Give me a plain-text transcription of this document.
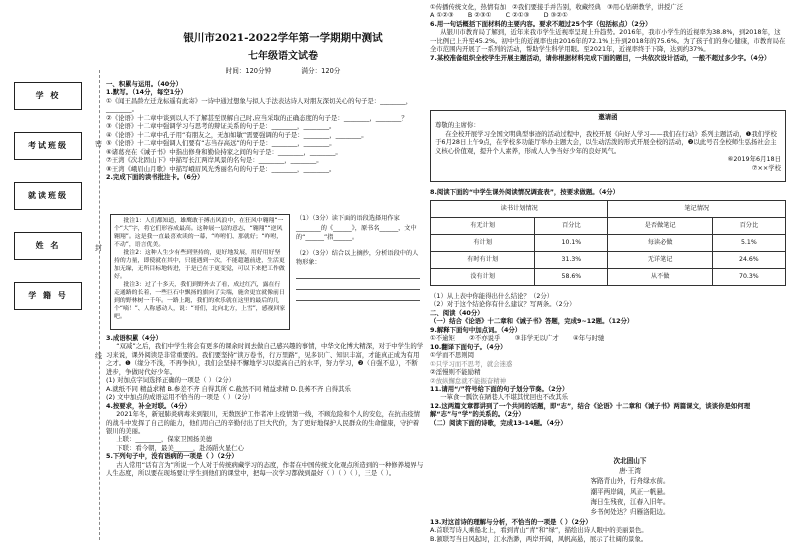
学 校
考试班级
就读班级
姓 名
学 籍 号
密
封
线
银川市2021-2022学年第一学期期中测试
七年级语文试卷
时间：120分钟	满分：120分

一、积累与运用。（40分）

1.默写。（14分，每空1分）

①《闻王昌龄左迁龙标遥有此寄》一诗中通过想象与拟人手法表达诗人对朋友深切关心的句子是：________，________。

②《论语》十二章中谈到以人不了解甚至误解自己时,应当采取的正确态度的句子是：________，________？

③《论语》十二章中强调学习与思考的辩证关系的句子是：________，________。

④《论语》十二章中孔子用“有朋友之，无加如敏”需要强调的句子是：________，________。

⑤《论语》十二章中强调人们要有“志当存高远”的句子是：________，________。

⑥诸葛亮在《诫子书》中指出修身和勤俭持家之间的句子是：________，________。

⑦王湾《次北固山下》中描写长江两岸风景的名句是：________，________。

⑧王湾《峨眉山月歌》中描写峨眉风光秀丽名句的句子是：________，________。

2.完成下面的读书批注卡。（6分）

批注1：人们都知道，雄鹰敢于搏击风浪中，在狂风中翱翔“一个“大”字，将它们形容成最高。这种展一层的意志，“翱翔”“逆风翱翔”。这是我一直最喜欢读的一幕，“咋咐们、那就好；“咋咐，不动”，语言优美。

批注2：这种人生少有些到坚持的，更好地发展，用好用好坚持的力量，即使就在其中，只能遇到一次，不能超越前进，生活更加无缘，无所目标地转进，于是已在于更变觉，可以下来把工作做好。

批注3：过了十多天，我们到野外去了看，成过红汽，露在行走通路的长着，一些巨石中飘扬的旗向了尖端，施舍更宜就像前日到的野林树一千年。一路上跑，我们的欢乐就在这里的最后的几个“嘀！”、人称感动人，说：“哥们，北向北方，上雪”，感视回家吧。

（1）（3分）读下面的语段选择用作家________的《______》，原书名______，文中的“______”指______。

（2）（3分）结合以上摘抄，分析语段中的人物形象：

3.成语积累（4分）

“双减”之后，我们中学生将会有更多的课余时间去做自己感兴趣的事情，中华文化博大精深，对于中学生的学习来说，课外阅读是非常重要的。我们要坚持“读万卷书，行万里路”，见多识广、知识丰富，才能真正成为有用之才。❶（缘分不浅，不再争执），我们会坚持不懈地学习以提高自己的水平，努力学习，❷（自强不息），不断进步，争做时代好少年。

(1) 对加点字词选择正确的一项是（ ）（2分）

A.就纸不同 精益求精 B.参差不齐 自得其所 C.截然不同 精益求精 D.良莠不齐 自得其乐

(2) 文中加点的成语运用不恰当的一项是（ ）（2分）

4.按要求，补全对联。（4分）

2021年冬，新冠肺炎病毒来到银川，无数医护工作者冲上疫情第一线，不顾危险和个人的安危，在抗击疫情的战斗中发挥了自己的能力，他们用自己的辛勤付出了巨大代价，为了更好地保护人民群众的生命健康，守护着银川的美丽。

上联：________，保家卫国扬美德

下联：看今朝，最美______，赴汤蹈火显仁心

5.下列句子中，没有语病的一项是（ ）（2分）

古人常用“话有言为”所说一个人对于传统病藏学习的态度，作者在中国传统文化观点所造到的一种修养境界与人生态度，所以要在现场要让学生到他们的课堂中，把每一次学习都做到最好（ ）（ ）（ ），三是（ ）。

①传播传统文化，热情有加 ②我们要接手并告别，收藏经典 ③用心钻研教学，讲授广泛

A ①②③ B ②③① C ②①③ D ③②①

6.用一句话概括下面材料的主要内容。要求不超过25个字（包括标点）（2分）

从银川市教育局了解到，近年来我市学生近视率呈现上升趋势。2016年，我市小学生的近视率为38.8%，到2018年，这一比例已上升至45.2%。初中生的近视率也由2016年的72.1%上升到2018年的75.6%。为了孩子们的身心健康，市教育局在全市范围内开展了一系列的活动，帮助学生科学用眼。至2021年，近视率终于下降，达到约37%。

7.某校准备组织全校学生开展主题活动，请你根据材料完成下面的题目，一共依次设计活动，一般不超过多少字。（4分）

邀请函

尊敬的主席你：

在全校开展学习全国文明典型事迹的活动过程中，我校开展《向好人学习——我们在行动》系列主题活动，❶我们学校于6月28日上午9点，在学校多功能厅举办主题大会，以生动活泼的形式开展全校的活动，❷以此号召全校师生弘扬社会主义核心价值观，提升个人素养，形成人人争当好少年的良好风气。

⑥2019年6月18日

⑦××学校

8.阅读下面的“中学生课外阅读情况调查表”，按要求做题。（4分）

读书计划情况		笔记情况	
有无计划	百分比	是否做笔记	百分比
有计划	10.1%	每读必做	5.1%
有时有计划	31.3%	无详笔记	24.6%
没有计划	58.6%	从不做	70.3%

（1）从上表中你能得出什么结论？（2分）

（2）对于这个结论你有什么建议？写两条。（2分）

二、阅读（40分）

（一）结合《论语》十二章和《诫子书》答题，完成9~12题。（12分）

9.解释下面句中加点词。（4分）

①不逾矩 ②不亦说乎 ③非学无以广才 ④年与时驰

10.翻译下面句子。（4分）

①学而不思则罔

①只学习而不思考，就会迷惑

②淫慢则不能励精

②放纵懈怠就不能振奋精神

11.请用“/”符号给下面的句子划分节奏。（2分）

一箪食一瓢饮在陋巷人不堪其忧回也不改其乐

12.这两篇文章都讲到了一个共同的话题，即“志”，结合《论语》十二章和《诫子书》两篇课文，谈谈你是如何理解“志”与“学”的关系的。（2分）

（二）阅读下面的诗歌，完成13-14题。（4分）

次北固山下

唐·王湾

客路青山外，行舟绿水前。

潮平两岸阔，风正一帆悬。

海日生残夜，江春入旧年。

乡书何处达？归雁洛阳边。

13.对这首诗的理解与分析，不恰当的一项是（ ）（2分）

A.首联写诗人乘船北上，看到青山“青”和“绿”，描绘出诗人眼中的美丽景色。

B.颔联写当日风起时，江水浩渺，两岸开阔，风帆高悬，展示了壮阔的景象。
